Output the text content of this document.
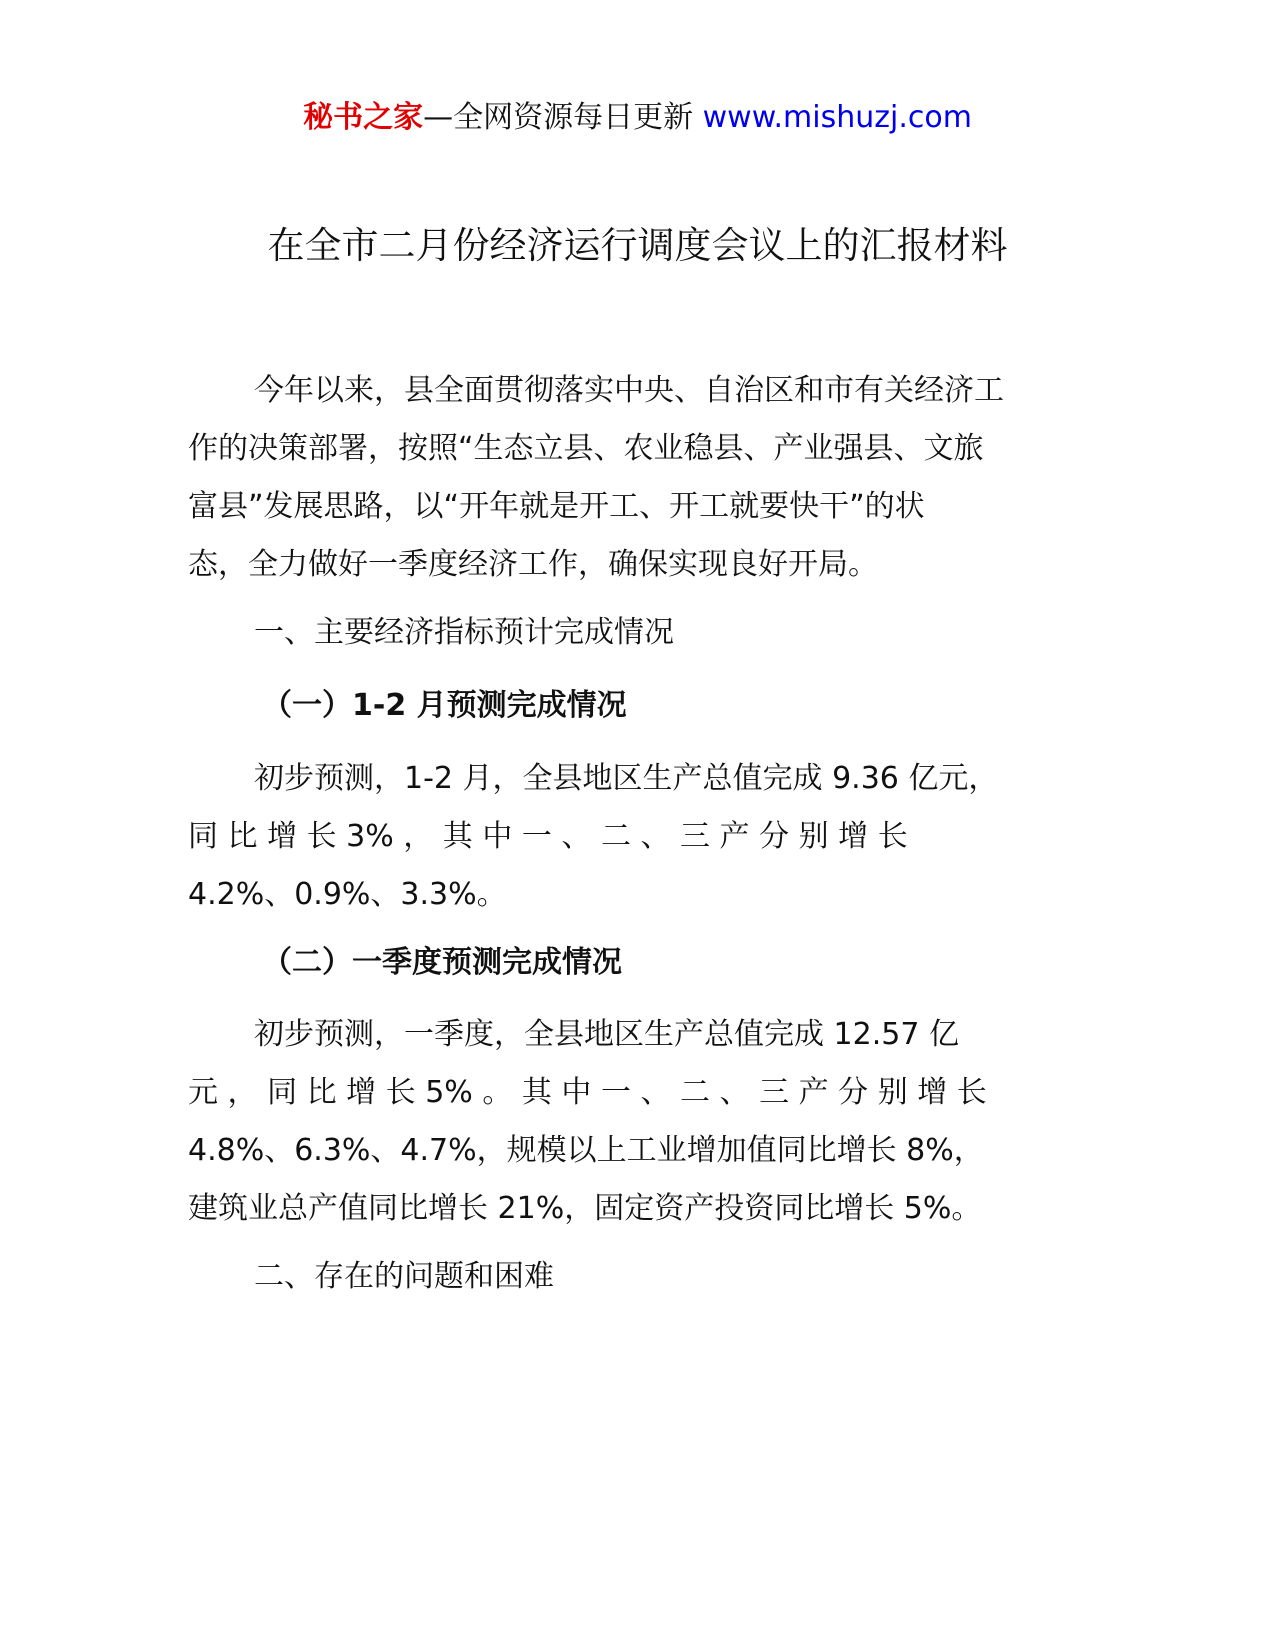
秘书之家—全网资源每日更新 www.mishuzj.com
在全市二月份经济运行调度会议上的汇报材料
今年以来，县全面贯彻落实中央、自治区和市有关经济工
作的决策部署，按照“生态立县、农业稳县、产业强县、文旅
富县”发展思路，以“开年就是开工、开工就要快干”的状
态，全力做好一季度经济工作，确保实现良好开局。
一、主要经济指标预计完成情况
（一）1-2 月预测完成情况
初步预测，1-2 月，全县地区生产总值完成 9.36 亿元，
同 比 增 长 3% ， 其 中 一 、 二 、 三 产 分 别 增 长
4.2%、0.9%、3.3%。
（二）一季度预测完成情况
初步预测，一季度，全县地区生产总值完成 12.57 亿
元 ， 同 比 增 长 5% 。 其 中 一 、 二 、 三 产 分 别 增 长
4.8%、6.3%、4.7%，规模以上工业增加值同比增长 8%，
建筑业总产值同比增长 21%，固定资产投资同比增长 5%。
二、存在的问题和困难
